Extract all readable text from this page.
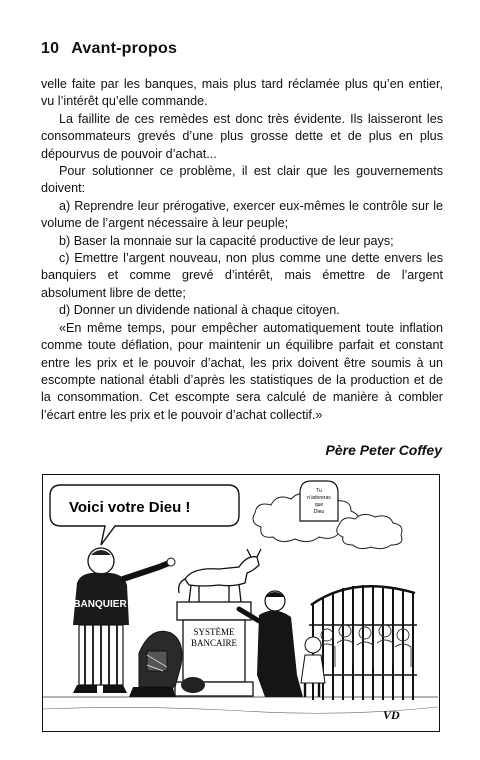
10 Avant-propos

velle faite par les banques, mais plus tard réclamée plus qu’en entier, vu l’intérêt qu’elle commande.

La faillite de ces remèdes est donc très évidente. Ils laisseront les consommateurs grevés d’une plus grosse dette et de plus en plus dépourvus de pouvoir d’achat...

Pour solutionner ce problème, il est clair que les gouvernements doivent:

a) Reprendre leur prérogative, exercer eux-mêmes le contrôle sur le volume de l’argent nécessaire à leur peuple;

b) Baser la monnaie sur la capacité productive de leur pays;

c) Emettre l’argent nouveau, non plus comme une dette envers les banquiers et comme grevé d’intérêt, mais émettre de l’argent absolument libre de dette;

d) Donner un dividende national à chaque citoyen.

«En même temps, pour empêcher automatiquement toute inflation comme toute déflation, pour maintenir un équilibre parfait et constant entre les prix et le pouvoir d’achat, les prix doivent être soumis à un escompte national établi d’après les statistiques de la production et de la consommation. Cet escompte sera calculé de manière à combler l’écart entre les prix et le pouvoir d’achat collectif.»

Père Peter Coffey
Voici votre Dieu !
Tu
n'adoreras
que
Dieu
SYSTÈME
BANCAIRE
BANQUIER
VD
